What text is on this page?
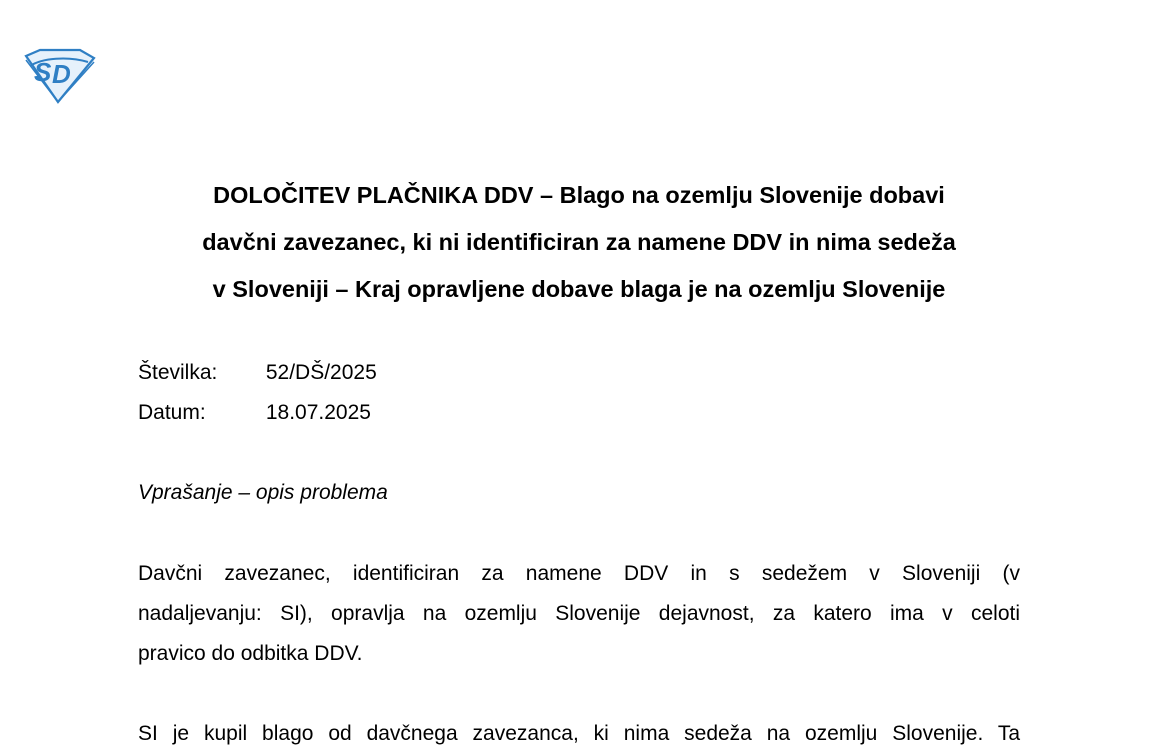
S D
DOLOČITEV PLAČNIKA DDV – Blago na ozemlju Slovenije dobavi
davčni zavezanec, ki ni identificiran za namene DDV in nima sedeža
v Sloveniji – Kraj opravljene dobave blaga je na ozemlju Slovenije
Številka: 52/DŠ/2025
Datum:	18.07.2025
Vprašanje – opis problema

Davčni zavezanec, identificiran za namene DDV in s sedežem v Sloveniji (v
nadaljevanju: SI), opravlja na ozemlju Slovenije dejavnost, za katero ima v celoti
pravico do odbitka DDV.

SI je kupil blago od davčnega zavezanca, ki nima sedeža na ozemlju Slovenije. Ta
